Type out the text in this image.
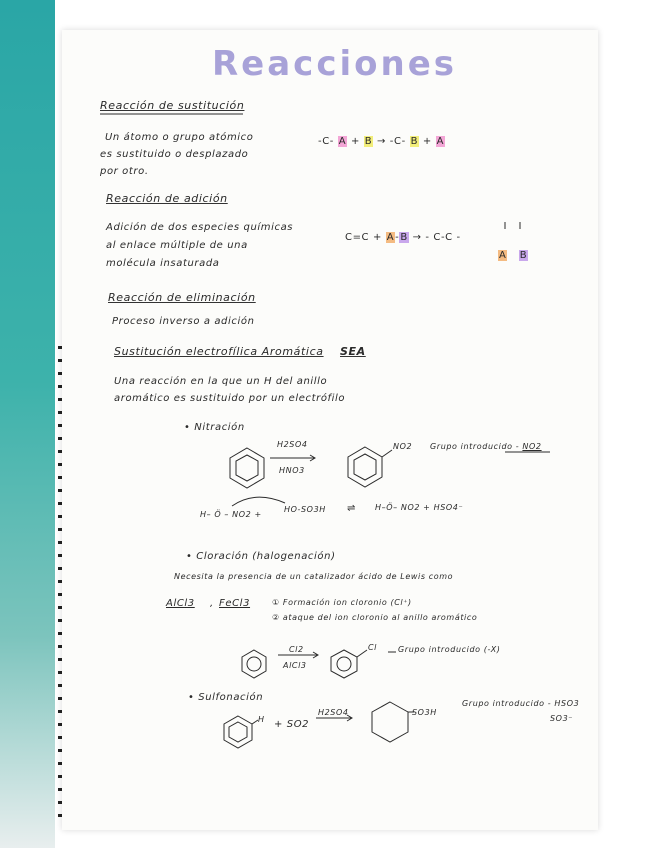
Reacciones
Reacción de sustitución
Un átomo o grupo atómico
es sustituido o desplazado
por otro.
-C- A + B → -C- B + A
Reacción de adición
Adición de dos especies químicas
al enlace múltiple de una
molécula insaturada
C=C + A-B → - C-C -
A B
Reacción de eliminación
Proceso inverso a adición
Sustitución electrofílica Aromática SEA
Una reacción en la que un H del anillo
aromático es sustituido por un electrófilo
• Nitración
H2SO4
HNO3
NO2 Grupo introducido - NO2
H– Ö – NO2 +
HO-SO3H ⇌ H–Ö– NO2 + HSO4⁻
• Cloración (halogenación)
Necesita la presencia de un catalizador ácido de Lewis como
AlCl3 , FeCl3	① Formación ion cloronio (Cl⁺)
② ataque del ion cloronio al anillo aromático
Cl2
AlCl3
Cl	Grupo introducido (-X)
• Sulfonación
H + SO2
H2SO4	SO3H
Grupo introducido - HSO3
SO3⁻
